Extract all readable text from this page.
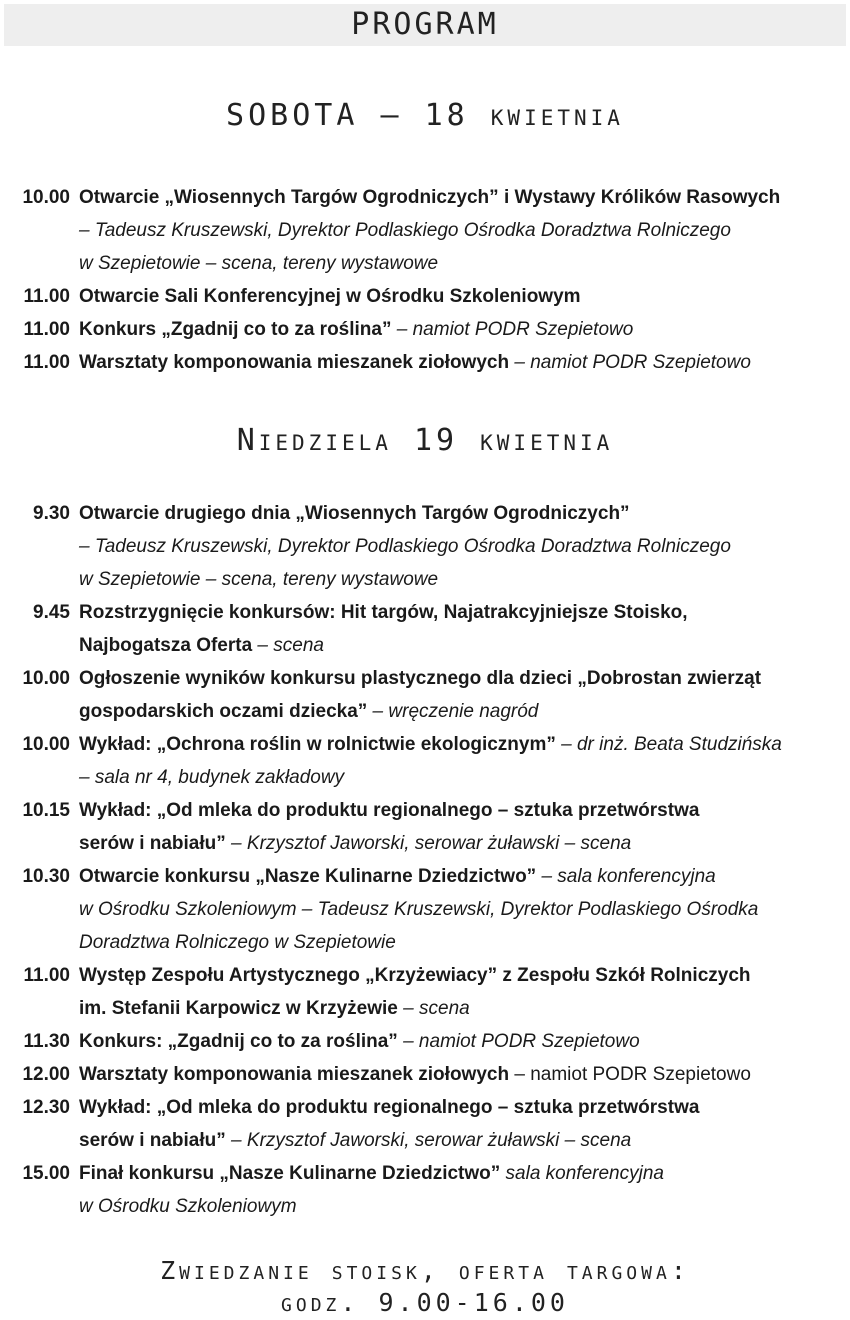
PROGRAM
SOBOTA – 18 kwietnia
10.00 Otwarcie „Wiosennych Targów Ogrodniczych” i Wystawy Królików Rasowych
– Tadeusz Kruszewski, Dyrektor Podlaskiego Ośrodka Doradztwa Rolniczego
w Szepietowie – scena, tereny wystawowe
11.00 Otwarcie Sali Konferencyjnej w Ośrodku Szkoleniowym
11.00 Konkurs „Zgadnij co to za roślina” – namiot PODR Szepietowo
11.00 Warsztaty komponowania mieszanek ziołowych – namiot PODR Szepietowo
Niedziela 19 kwietnia
9.30 Otwarcie drugiego dnia „Wiosennych Targów Ogrodniczych”
– Tadeusz Kruszewski, Dyrektor Podlaskiego Ośrodka Doradztwa Rolniczego
w Szepietowie – scena, tereny wystawowe
9.45 Rozstrzygnięcie konkursów: Hit targów, Najatrakcyjniejsze Stoisko,
Najbogatsza Oferta – scena
10.00 Ogłoszenie wyników konkursu plastycznego dla dzieci „Dobrostan zwierząt
gospodarskich oczami dziecka” – wręczenie nagród
10.00 Wykład: „Ochrona roślin w rolnictwie ekologicznym” – dr inż. Beata Studzińska
– sala nr 4, budynek zakładowy
10.15 Wykład: „Od mleka do produktu regionalnego – sztuka przetwórstwa
serów i nabiału” – Krzysztof Jaworski, serowar żuławski – scena
10.30 Otwarcie konkursu „Nasze Kulinarne Dziedzictwo” – sala konferencyjna
w Ośrodku Szkoleniowym – Tadeusz Kruszewski, Dyrektor Podlaskiego Ośrodka
Doradztwa Rolniczego w Szepietowie
11.00 Występ Zespołu Artystycznego „Krzyżewiacy” z Zespołu Szkół Rolniczych
im. Stefanii Karpowicz w Krzyżewie – scena
11.30 Konkurs: „Zgadnij co to za roślina” – namiot PODR Szepietowo
12.00 Warsztaty komponowania mieszanek ziołowych – namiot PODR Szepietowo
12.30 Wykład: „Od mleka do produktu regionalnego – sztuka przetwórstwa
serów i nabiału” – Krzysztof Jaworski, serowar żuławski – scena
15.00 Finał konkursu „Nasze Kulinarne Dziedzictwo” sala konferencyjna
w Ośrodku Szkoleniowym
Zwiedzanie stoisk, oferta targowa:
godz. 9.00-16.00
